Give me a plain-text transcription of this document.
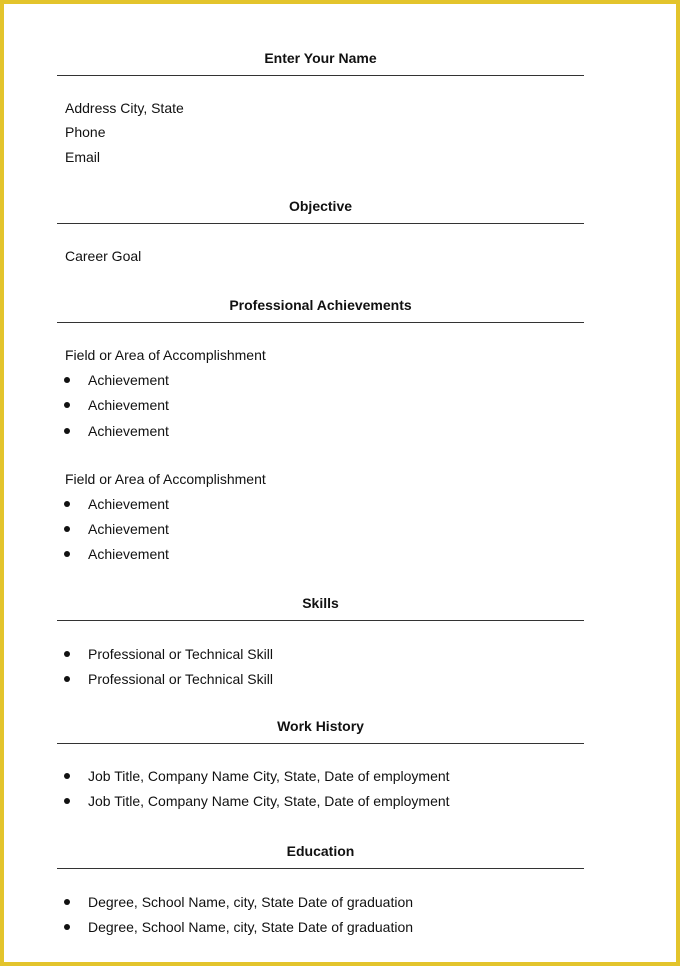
Enter Your Name
Address City, State
Phone
Email
Objective
Career Goal
Professional Achievements
Field or Area of Accomplishment
Achievement
Achievement
Achievement
Field or Area of Accomplishment
Achievement
Achievement
Achievement
Skills
Professional or Technical Skill
Professional or Technical Skill
Work History
Job Title, Company Name City, State, Date of employment
Job Title, Company Name City, State, Date of employment
Education
Degree, School Name, city, State Date of graduation
Degree, School Name, city, State Date of graduation
